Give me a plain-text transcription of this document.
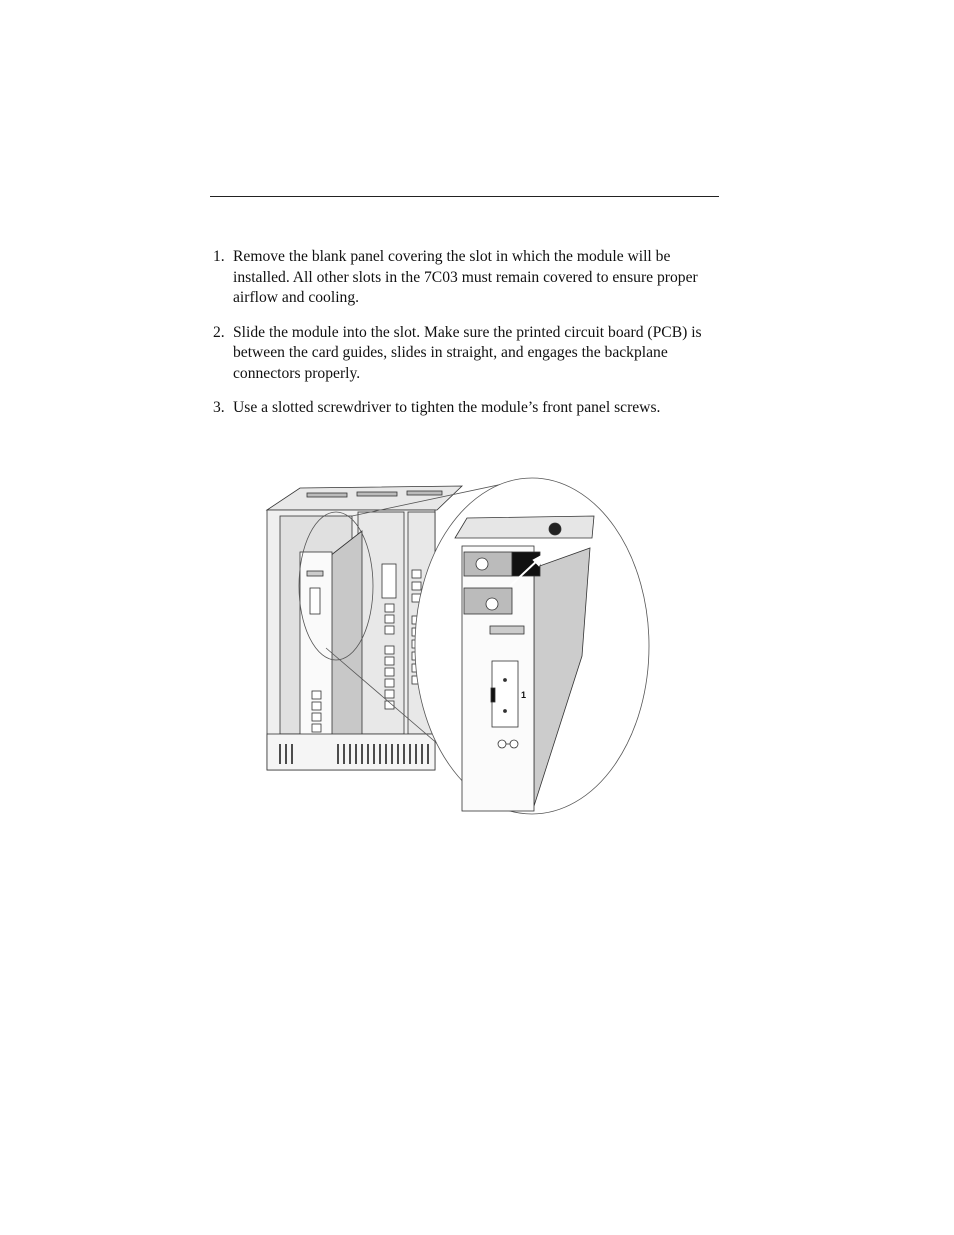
1. Remove the blank panel covering the slot in which the module will be installed. All other slots in the 7C03 must remain covered to ensure proper airflow and cooling.
2. Slide the module into the slot. Make sure the printed circuit board (PCB) is between the card guides, slides in straight, and engages the backplane connectors properly.
3. Use a slotted screwdriver to tighten the module’s front panel screws.
1
